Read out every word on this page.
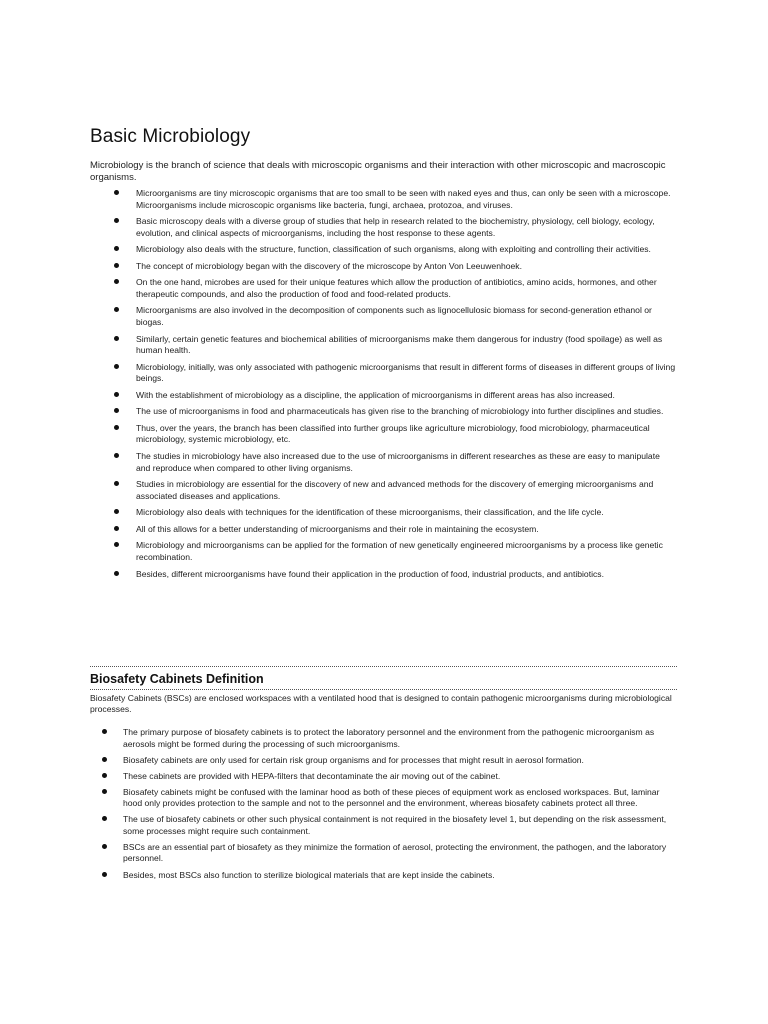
Basic Microbiology

Microbiology is the branch of science that deals with microscopic organisms and their interaction with other microscopic and macroscopic organisms.

Microorganisms are tiny microscopic organisms that are too small to be seen with naked eyes and thus, can only be seen with a microscope. Microorganisms include microscopic organisms like bacteria, fungi, archaea, protozoa, and viruses.
Basic microscopy deals with a diverse group of studies that help in research related to the biochemistry, physiology, cell biology, ecology, evolution, and clinical aspects of microorganisms, including the host response to these agents.
Microbiology also deals with the structure, function, classification of such organisms, along with exploiting and controlling their activities.
The concept of microbiology began with the discovery of the microscope by Anton Von Leeuwenhoek.
On the one hand, microbes are used for their unique features which allow the production of antibiotics, amino acids, hormones, and other therapeutic compounds, and also the production of food and food-related products.
Microorganisms are also involved in the decomposition of components such as lignocellulosic biomass for second-generation ethanol or biogas.
Similarly, certain genetic features and biochemical abilities of microorganisms make them dangerous for industry (food spoilage) as well as human health.
Microbiology, initially, was only associated with pathogenic microorganisms that result in different forms of diseases in different groups of living beings.
With the establishment of microbiology as a discipline, the application of microorganisms in different areas has also increased.
The use of microorganisms in food and pharmaceuticals has given rise to the branching of microbiology into further disciplines and studies.
Thus, over the years, the branch has been classified into further groups like agriculture microbiology, food microbiology, pharmaceutical microbiology, systemic microbiology, etc.
The studies in microbiology have also increased due to the use of microorganisms in different researches as these are easy to manipulate and reproduce when compared to other living organisms.
Studies in microbiology are essential for the discovery of new and advanced methods for the discovery of emerging microorganisms and associated diseases and applications.
Microbiology also deals with techniques for the identification of these microorganisms, their classification, and the life cycle.
All of this allows for a better understanding of microorganisms and their role in maintaining the ecosystem.
Microbiology and microorganisms can be applied for the formation of new genetically engineered microorganisms by a process like genetic recombination.
Besides, different microorganisms have found their application in the production of food, industrial products, and antibiotics.
Biosafety Cabinets Definition

Biosafety Cabinets (BSCs) are enclosed workspaces with a ventilated hood that is designed to contain pathogenic microorganisms during microbiological processes.

The primary purpose of biosafety cabinets is to protect the laboratory personnel and the environment from the pathogenic microorganism as aerosols might be formed during the processing of such microorganisms.
Biosafety cabinets are only used for certain risk group organisms and for processes that might result in aerosol formation.
These cabinets are provided with HEPA-filters that decontaminate the air moving out of the cabinet.
Biosafety cabinets might be confused with the laminar hood as both of these pieces of equipment work as enclosed workspaces. But, laminar hood only provides protection to the sample and not to the personnel and the environment, whereas biosafety cabinets protect all three.
The use of biosafety cabinets or other such physical containment is not required in the biosafety level 1, but depending on the risk assessment, some processes might require such containment.
BSCs are an essential part of biosafety as they minimize the formation of aerosol, protecting the environment, the pathogen, and the laboratory personnel.
Besides, most BSCs also function to sterilize biological materials that are kept inside the cabinets.
